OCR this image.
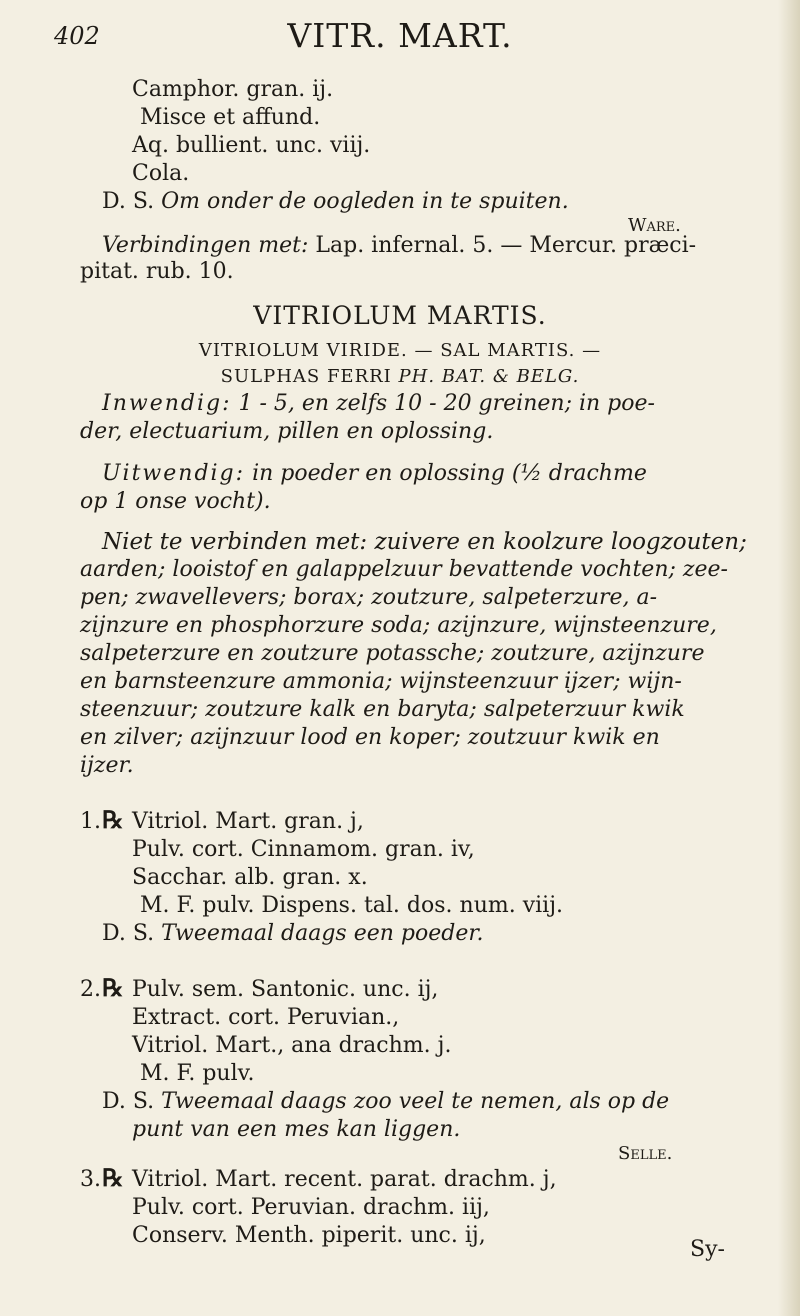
402	VITR. MART.
Camphor. gran. ij.
Misce et affund.
Aq. bullient. unc. viij.
Cola.
D. S. Om onder de oogleden in te spuiten.
Ware.
Verbindingen met: Lap. infernal. 5. — Mercur. præci-
pitat. rub. 10.
VITRIOLUM MARTIS.
VITRIOLUM VIRIDE. — SAL MARTIS. —
SULPHAS FERRI PH. BAT. & BELG.
Inwendig: 1 - 5, en zelfs 10 - 20 greinen; in poe-
der, electuarium, pillen en oplossing.
Uitwendig: in poeder en oplossing (½ drachme
op 1 onse vocht).
Niet te verbinden met: zuivere en koolzure loogzouten;
aarden; looistof en galappelzuur bevattende vochten; zee-
pen; zwavellevers; borax; zoutzure, salpeterzure, a-
zijnzure en phosphorzure soda; azijnzure, wijnsteenzure,
salpeterzure en zoutzure potassche; zoutzure, azijnzure
en barnsteenzure ammonia; wijnsteenzuur ijzer; wijn-
steenzuur; zoutzure kalk en baryta; salpeterzuur kwik
en zilver; azijnzuur lood en koper; zoutzuur kwik en
ijzer.
1. ℞ Vitriol. Mart. gran. j,
Pulv. cort. Cinnamom. gran. iv,
Sacchar. alb. gran. x.
M. F. pulv. Dispens. tal. dos. num. viij.
D. S. Tweemaal daags een poeder.
2. ℞ Pulv. sem. Santonic. unc. ij,
Extract. cort. Peruvian.,
Vitriol. Mart., ana drachm. j.
M. F. pulv.
D. S. Tweemaal daags zoo veel te nemen, als op de
punt van een mes kan liggen.
Selle.
3. ℞ Vitriol. Mart. recent. parat. drachm. j,
Pulv. cort. Peruvian. drachm. iij,
Conserv. Menth. piperit. unc. ij,
Sy-
